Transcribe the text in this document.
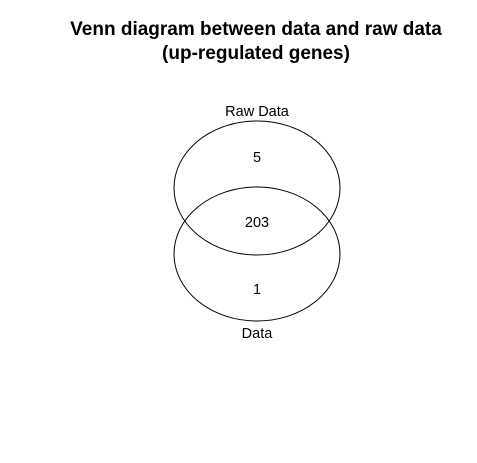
Venn diagram between data and raw data
(up-regulated genes)
Raw Data
Data
5
203
1
